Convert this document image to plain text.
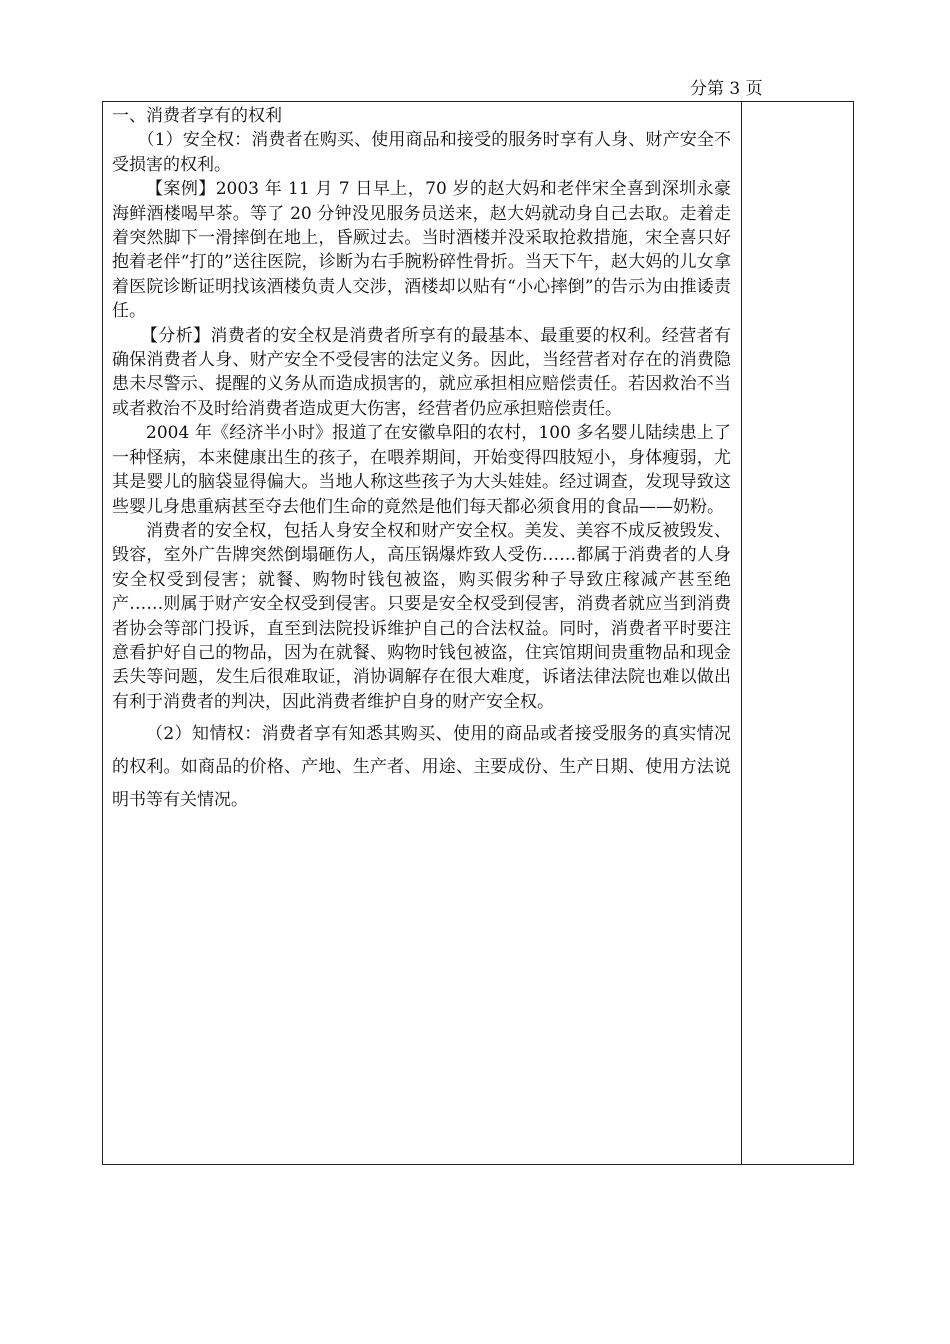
分第 3 页

一、消费者享有的权利

（1）安全权：消费者在购买、使用商品和接受的服务时享有人身、财产安全不受损害的权利。

【案例】2003 年 11 月 7 日早上，70 岁的赵大妈和老伴宋全喜到深圳永豪海鲜酒楼喝早茶。等了 20 分钟没见服务员送来，赵大妈就动身自己去取。走着走着突然脚下一滑摔倒在地上，昏厥过去。当时酒楼并没采取抢救措施，宋全喜只好抱着老伴“打的”送往医院，诊断为右手腕粉碎性骨折。当天下午，赵大妈的儿女拿着医院诊断证明找该酒楼负责人交涉，酒楼却以贴有“小心摔倒”的告示为由推诿责任。

【分析】消费者的安全权是消费者所享有的最基本、最重要的权利。经营者有确保消费者人身、财产安全不受侵害的法定义务。因此，当经营者对存在的消费隐患未尽警示、提醒的义务从而造成损害的，就应承担相应赔偿责任。若因救治不当或者救治不及时给消费者造成更大伤害，经营者仍应承担赔偿责任。

2004 年《经济半小时》报道了在安徽阜阳的农村，100 多名婴儿陆续患上了一种怪病，本来健康出生的孩子，在喂养期间，开始变得四肢短小，身体瘦弱，尤其是婴儿的脑袋显得偏大。当地人称这些孩子为大头娃娃。经过调查，发现导致这些婴儿身患重病甚至夺去他们生命的竟然是他们每天都必须食用的食品——奶粉。

消费者的安全权，包括人身安全权和财产安全权。美发、美容不成反被毁发、毁容，室外广告牌突然倒塌砸伤人，高压锅爆炸致人受伤……都属于消费者的人身安全权受到侵害；就餐、购物时钱包被盗，购买假劣种子导致庄稼减产甚至绝产……则属于财产安全权受到侵害。只要是安全权受到侵害，消费者就应当到消费者协会等部门投诉，直至到法院投诉维护自己的合法权益。同时，消费者平时要注意看护好自己的物品，因为在就餐、购物时钱包被盗，住宾馆期间贵重物品和现金丢失等问题，发生后很难取证，消协调解存在很大难度，诉诸法律法院也难以做出有利于消费者的判决，因此消费者维护自身的财产安全权。

（2）知情权：消费者享有知悉其购买、使用的商品或者接受服务的真实情况的权利。如商品的价格、产地、生产者、用途、主要成份、生产日期、使用方法说明书等有关情况。
